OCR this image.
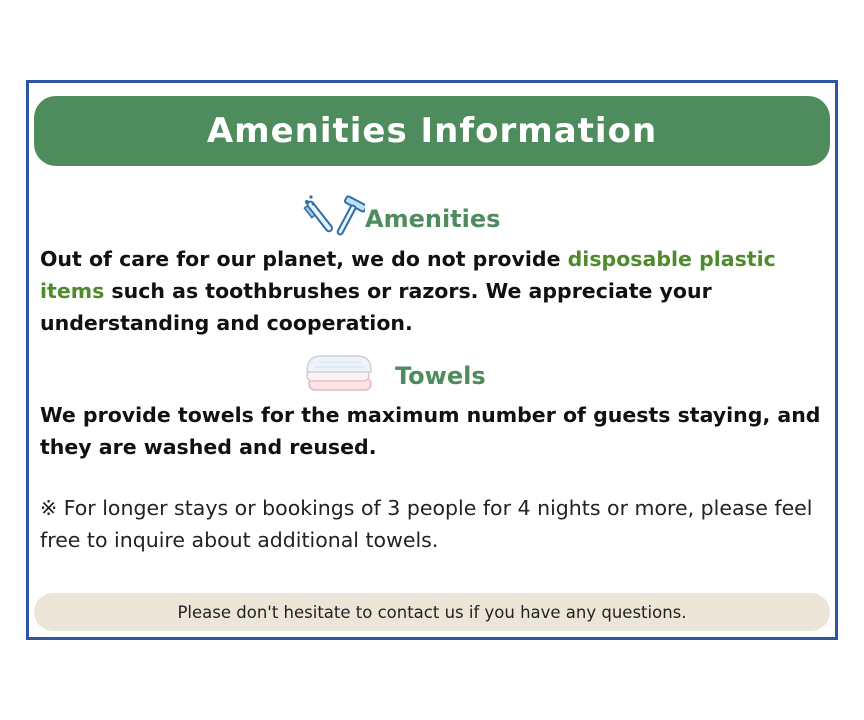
Amenities Information
Amenities

Out of care for our planet, we do not provide disposable plastic items such as toothbrushes or razors. We appreciate your understanding and cooperation.

Towels

We provide towels for the maximum number of guests staying, and they are washed and reused.

※ For longer stays or bookings of 3 people for 4 nights or more, please feel free to inquire about additional towels.

Please don't hesitate to contact us if you have any questions.
